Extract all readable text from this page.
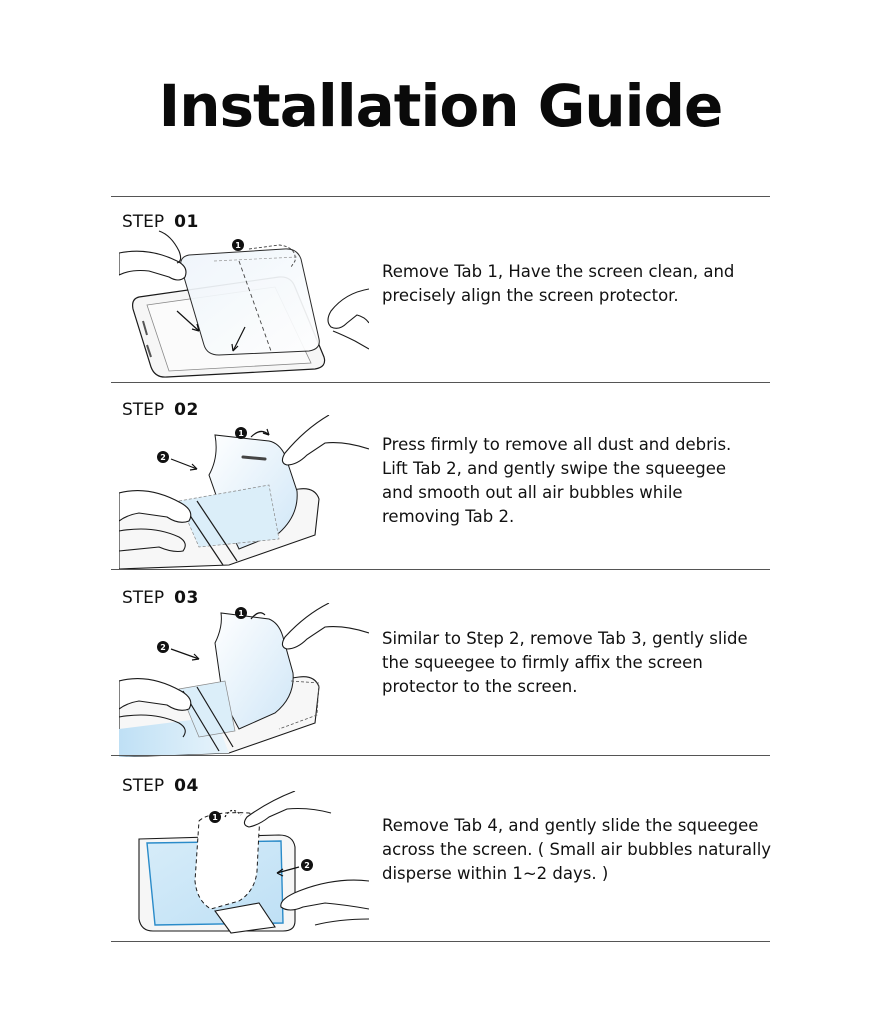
Installation Guide
STEP 01
1
Remove Tab 1, Have the screen clean, and
precisely align the screen protector.
STEP 02
1
2
Press firmly to remove all dust and debris.
Lift Tab 2, and gently swipe the squeegee
and smooth out all air bubbles while
removing Tab 2.
STEP 03
1
2	Similar to Step 2, remove Tab 3, gently slide
the squeegee to firmly affix the screen
protector to the screen.
STEP 04
1
2
Remove Tab 4, and gently slide the squeegee
across the screen. ( Small air bubbles naturally
disperse within 1~2 days. )
